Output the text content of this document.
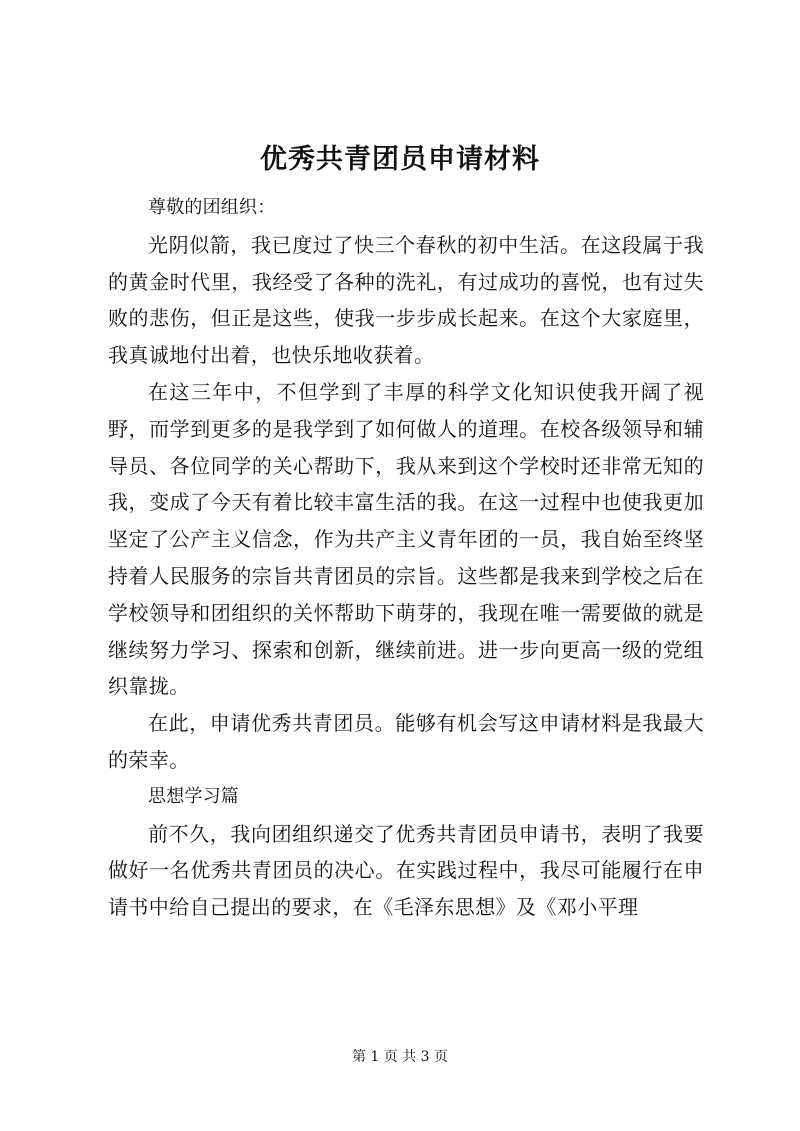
优秀共青团员申请材料

尊敬的团组织：

光阴似箭，我已度过了快三个春秋的初中生活。在这段属于我的黄金时代里，我经受了各种的洗礼，有过成功的喜悦，也有过失败的悲伤，但正是这些，使我一步步成长起来。在这个大家庭里，我真诚地付出着，也快乐地收获着。

在这三年中，不但学到了丰厚的科学文化知识使我开阔了视野，而学到更多的是我学到了如何做人的道理。在校各级领导和辅导员、各位同学的关心帮助下，我从来到这个学校时还非常无知的我，变成了今天有着比较丰富生活的我。在这一过程中也使我更加坚定了公产主义信念，作为共产主义青年团的一员，我自始至终坚持着人民服务的宗旨共青团员的宗旨。这些都是我来到学校之后在学校领导和团组织的关怀帮助下萌芽的，我现在唯一需要做的就是继续努力学习、探索和创新，继续前进。进一步向更高一级的党组织靠拢。

在此，申请优秀共青团员。能够有机会写这申请材料是我最大的荣幸。

思想学习篇

前不久，我向团组织递交了优秀共青团员申请书，表明了我要做好一名优秀共青团员的决心。在实践过程中，我尽可能履行在申请书中给自己提出的要求，在《毛泽东思想》及《邓小平理

第 1 页 共 3 页
